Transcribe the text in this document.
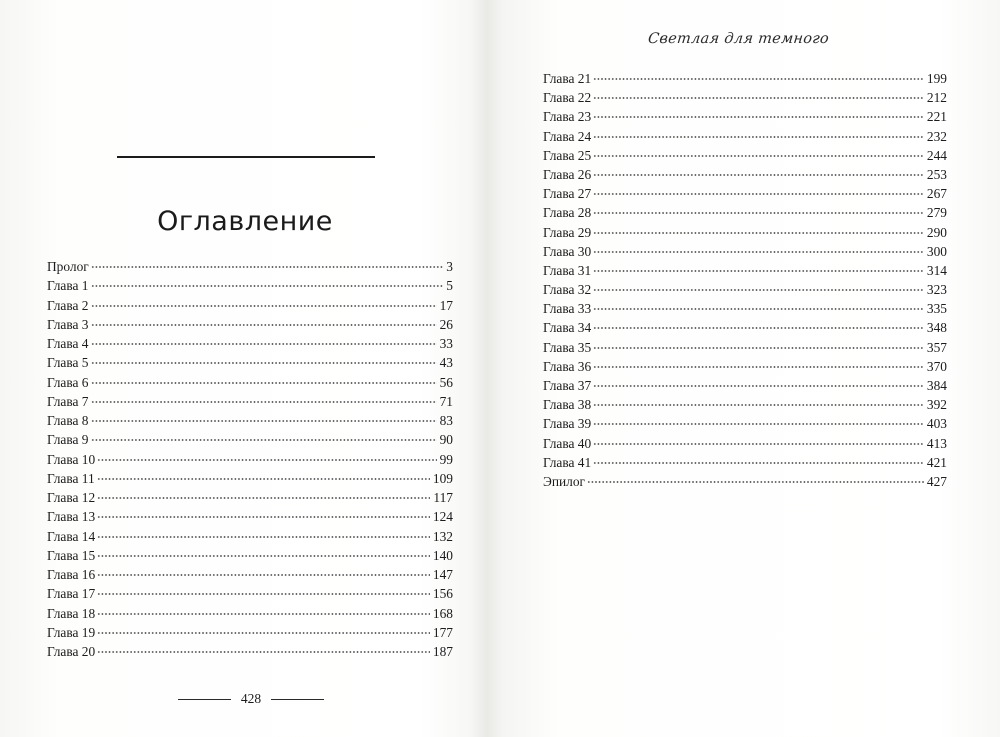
Оглавление
Пролог	3
Глава 1	5
Глава 2	17
Глава 3	26
Глава 4	33
Глава 5	43
Глава 6	56
Глава 7	71
Глава 8	83
Глава 9	90
Глава 10	99
Глава 11	109
Глава 12	117
Глава 13	124
Глава 14	132
Глава 15	140
Глава 16	147
Глава 17	156
Глава 18	168
Глава 19	177
Глава 20	187
428
Светлая для темного
Глава 21	199
Глава 22	212
Глава 23	221
Глава 24	232
Глава 25	244
Глава 26	253
Глава 27	267
Глава 28	279
Глава 29	290
Глава 30	300
Глава 31	314
Глава 32	323
Глава 33	335
Глава 34	348
Глава 35	357
Глава 36	370
Глава 37	384
Глава 38	392
Глава 39	403
Глава 40	413
Глава 41	421
Эпилог	427
